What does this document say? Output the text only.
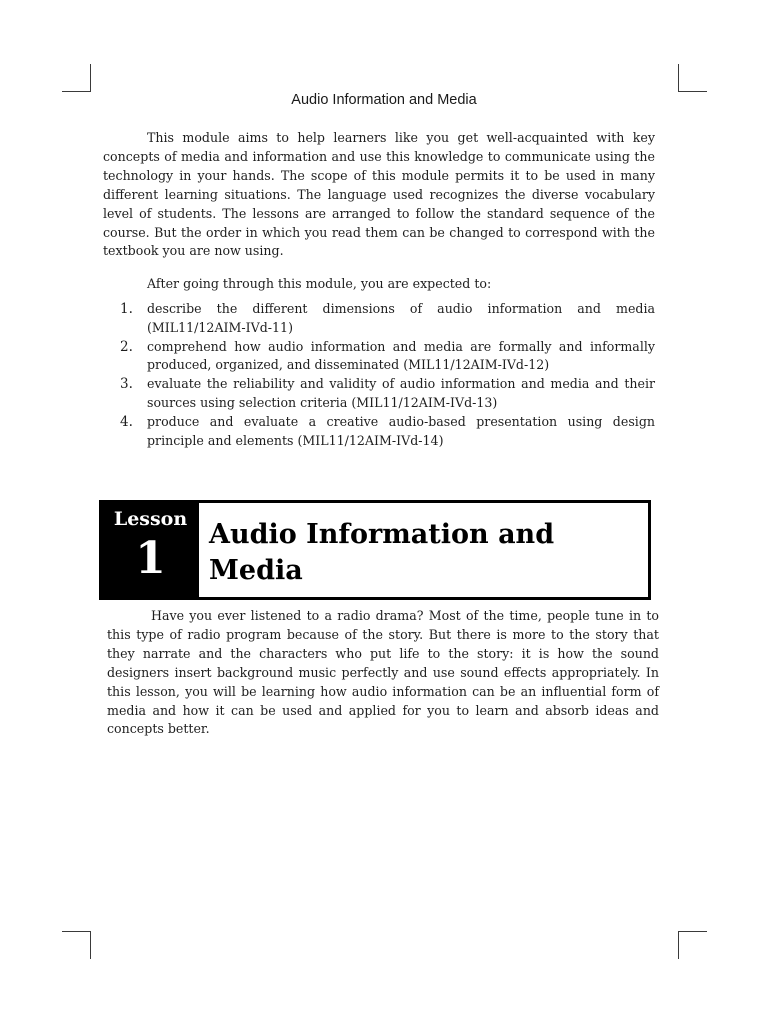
Audio Information and Media

This module aims to help learners like you get well-acquainted with key concepts of media and information and use this knowledge to communicate using the technology in your hands. The scope of this module permits it to be used in many different learning situations. The language used recognizes the diverse vocabulary level of students. The lessons are arranged to follow the standard sequence of the course. But the order in which you read them can be changed to correspond with the textbook you are now using.

After going through this module, you are expected to:

1. describe the different dimensions of audio information and media (MIL11/12AIM-IVd-11)
2. comprehend how audio information and media are formally and informally produced, organized, and disseminated (MIL11/12AIM-IVd-12)
3. evaluate the reliability and validity of audio information and media and their sources using selection criteria (MIL11/12AIM-IVd-13)
4. produce and evaluate a creative audio-based presentation using design principle and elements (MIL11/12AIM-IVd-14)
Lesson
1	Audio Information and Media

Have you ever listened to a radio drama? Most of the time, people tune in to this type of radio program because of the story. But there is more to the story that they narrate and the characters who put life to the story: it is how the sound designers insert background music perfectly and use sound effects appropriately. In this lesson, you will be learning how audio information can be an influential form of media and how it can be used and applied for you to learn and absorb ideas and concepts better.
